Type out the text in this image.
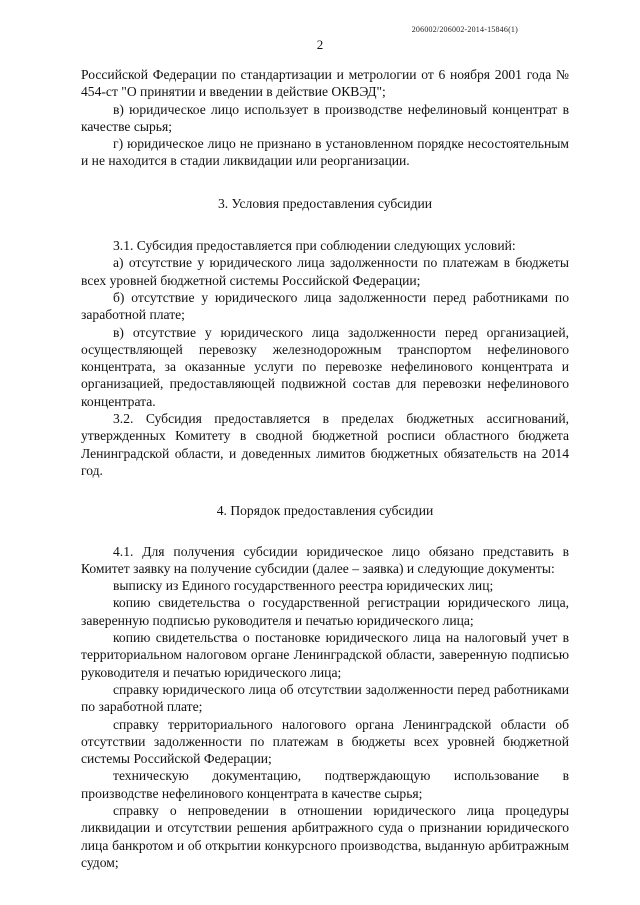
206002/206002-2014-15846(1)
2

Российской Федерации по стандартизации и метрологии от 6 ноября 2001 года № 454-ст "О принятии и введении в действие ОКВЭД";

в) юридическое лицо использует в производстве нефелиновый концентрат в качестве сырья;

г) юридическое лицо не признано в установленном порядке несостоятельным и не находится в стадии ликвидации или реорганизации.

3. Условия предоставления субсидии

3.1. Субсидия предоставляется при соблюдении следующих условий:

а) отсутствие у юридического лица задолженности по платежам в бюджеты всех уровней бюджетной системы Российской Федерации;

б) отсутствие у юридического лица задолженности перед работниками по заработной плате;

в) отсутствие у юридического лица задолженности перед организацией, осуществляющей перевозку железнодорожным транспортом нефелинового концентрата, за оказанные услуги по перевозке нефелинового концентрата и организацией, предоставляющей подвижной состав для перевозки нефелинового концентрата.

3.2. Субсидия предоставляется в пределах бюджетных ассигнований, утвержденных Комитету в сводной бюджетной росписи областного бюджета Ленинградской области, и доведенных лимитов бюджетных обязательств на 2014 год.

4. Порядок предоставления субсидии

4.1. Для получения субсидии юридическое лицо обязано представить в Комитет заявку на получение субсидии (далее – заявка) и следующие документы:

выписку из Единого государственного реестра юридических лиц;

копию свидетельства о государственной регистрации юридического лица, заверенную подписью руководителя и печатью юридического лица;

копию свидетельства о постановке юридического лица на налоговый учет в территориальном налоговом органе Ленинградской области, заверенную подписью руководителя и печатью юридического лица;

справку юридического лица об отсутствии задолженности перед работниками по заработной плате;

справку территориального налогового органа Ленинградской области об отсутствии задолженности по платежам в бюджеты всех уровней бюджетной системы Российской Федерации;

техническую документацию, подтверждающую использование в производстве нефелинового концентрата в качестве сырья;

справку о непроведении в отношении юридического лица процедуры ликвидации и отсутствии решения арбитражного суда о признании юридического лица банкротом и об открытии конкурсного производства, выданную арбитражным судом;
